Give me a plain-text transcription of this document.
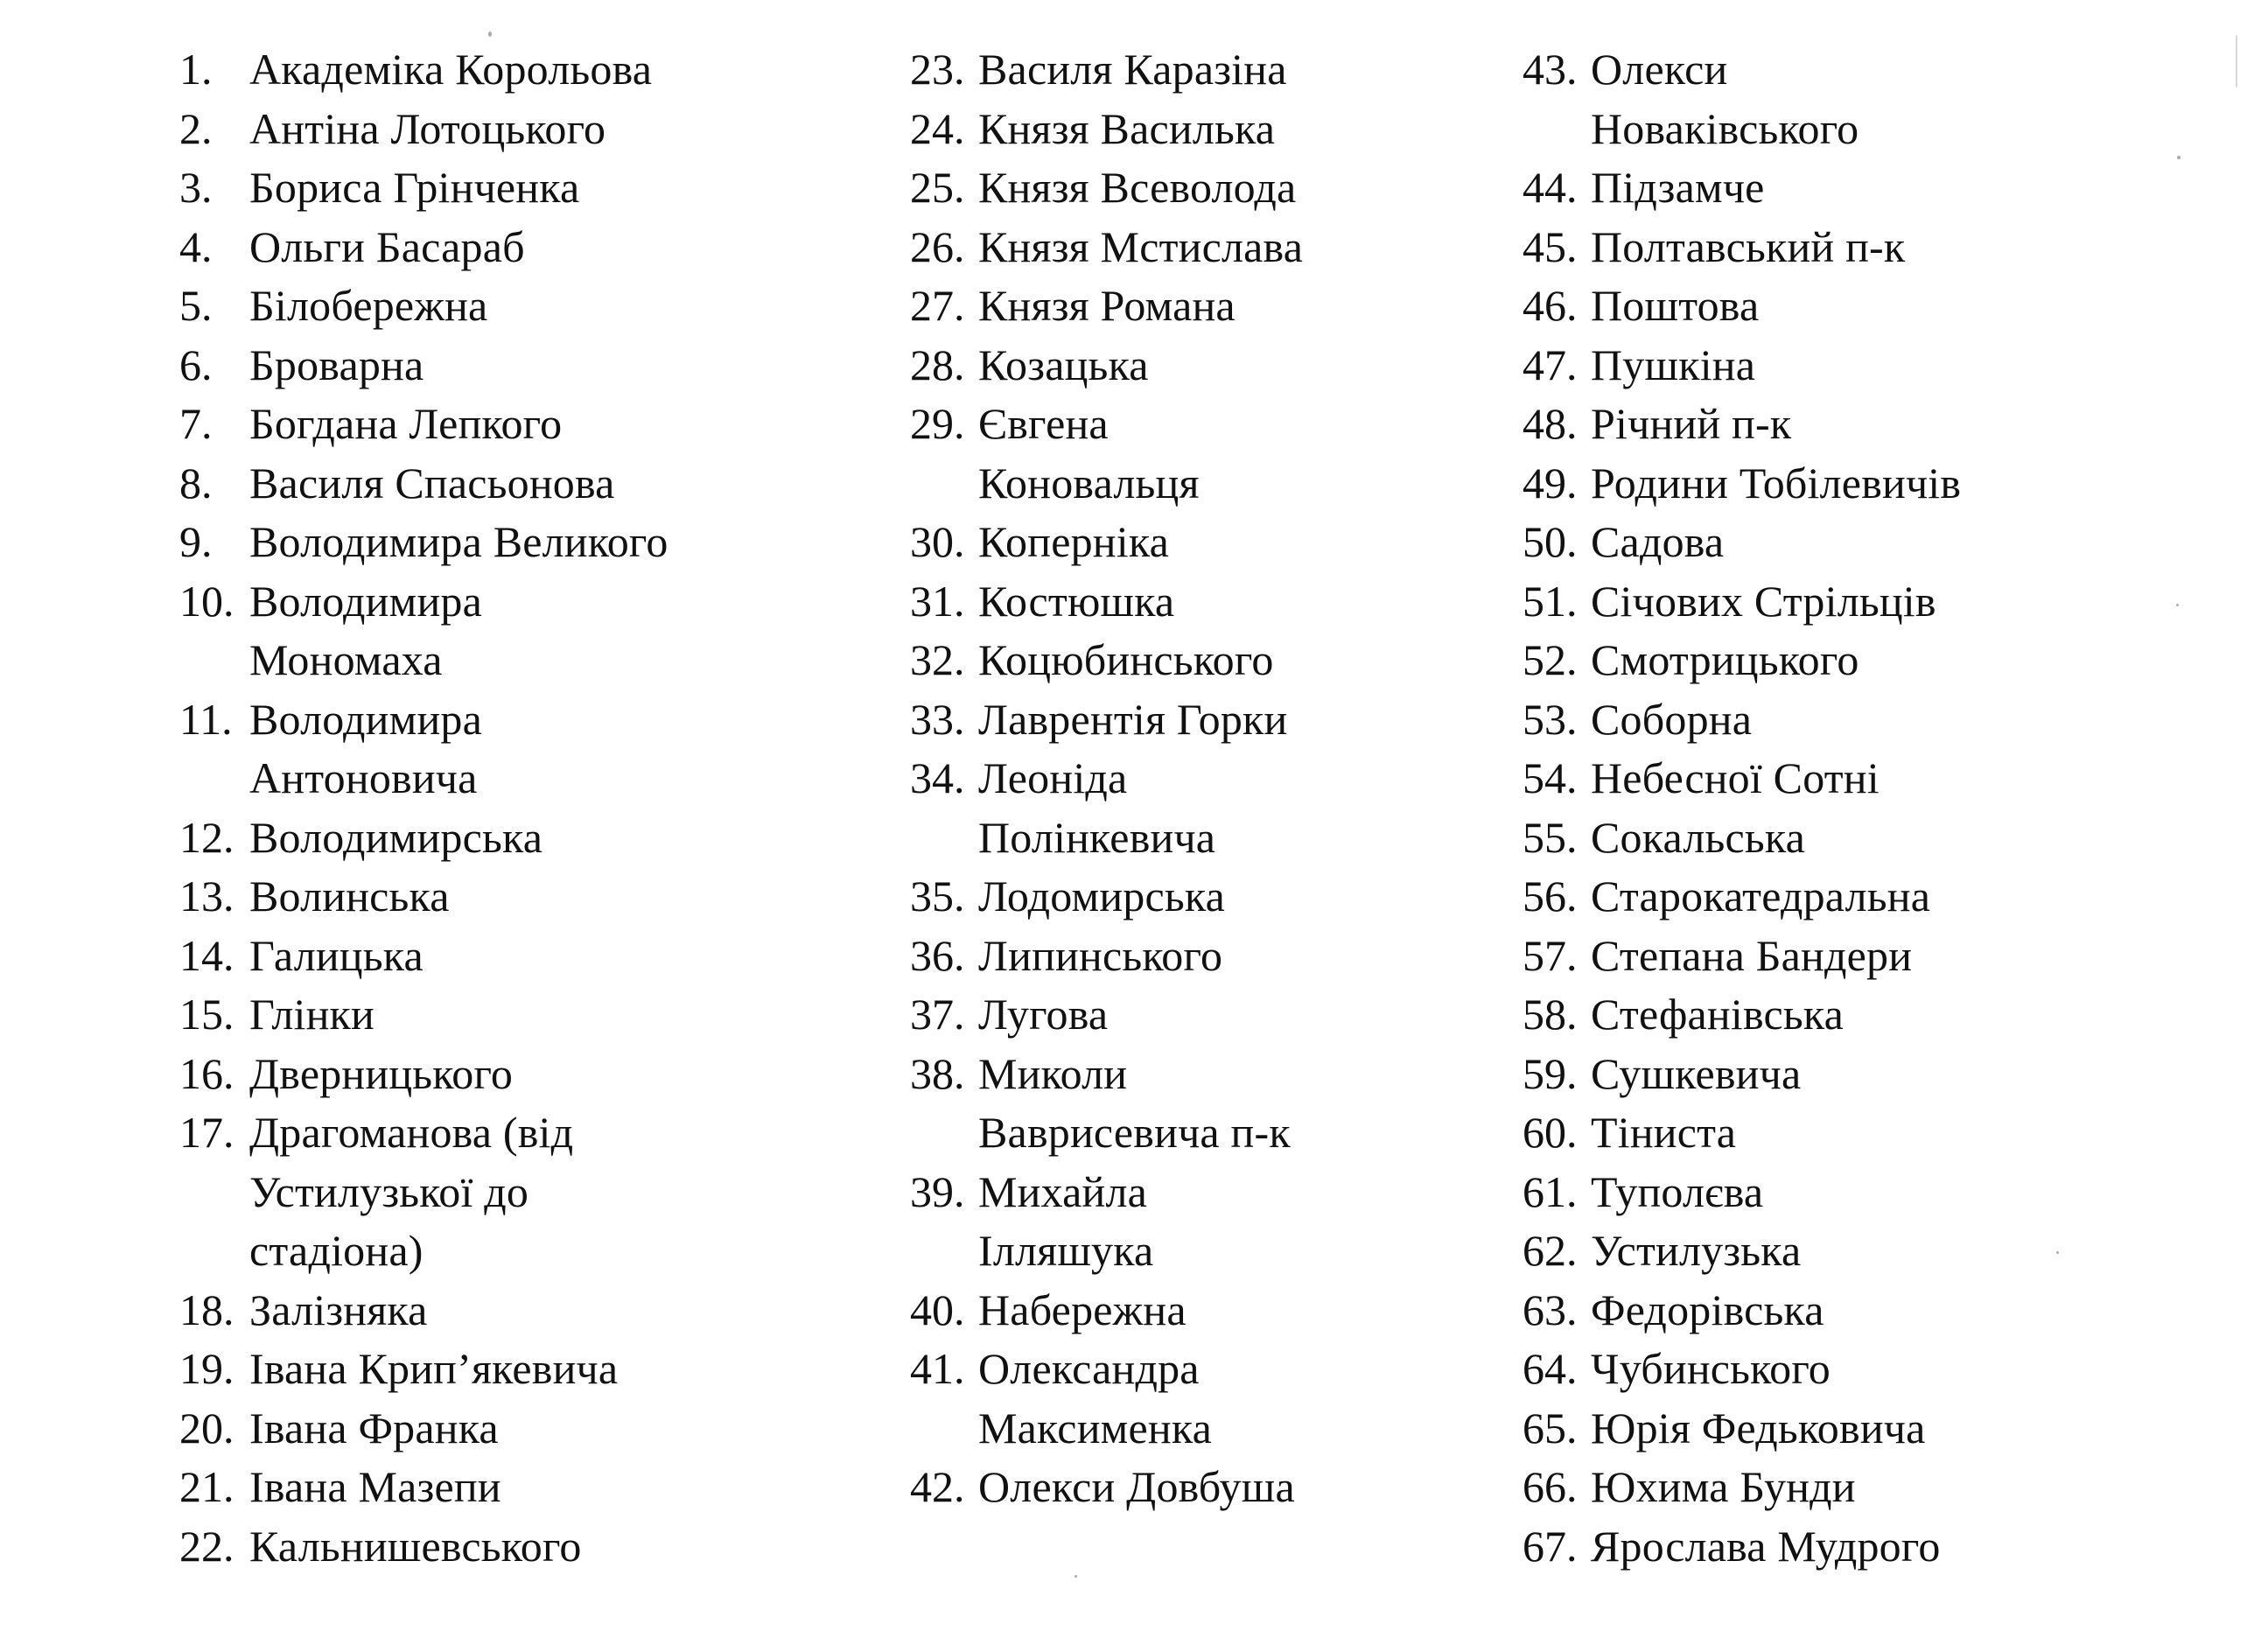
1. Академіка Корольова
2. Антіна Лотоцького
3. Бориса Грінченка
4. Ольги Басараб
5. Білобережна
6. Броварна
7. Богдана Лепкого
8. Василя Спасьонова
9. Володимира Великого
10. Володимира
Мономаха
11. Володимира
Антоновича
12. Володимирська
13. Волинська
14. Галицька
15. Глінки
16. Дверницького
17. Драгоманова (від
Устилузької до
стадіона)
18. Залізняка
19. Івана Крип’якевича
20. Івана Франка
21. Івана Мазепи
22. Кальнишевського
23. Василя Каразіна
24. Князя Василька
25. Князя Всеволода
26. Князя Мстислава
27. Князя Романа
28. Козацька
29. Євгена
Коновальця
30. Коперніка
31. Костюшка
32. Коцюбинського
33. Лаврентія Горки
34. Леоніда
Полінкевича
35. Лодомирська
36. Липинського
37. Лугова
38. Миколи
Ваврисевича п-к
39. Михайла
Ілляшука
40. Набережна
41. Олександра
Максименка
42. Олекси Довбуша
43. Олекси
Новаківського
44. Підзамче
45. Полтавський п-к
46. Поштова
47. Пушкіна
48. Річний п-к
49. Родини Тобілевичів
50. Садова
51. Січових Стрільців
52. Смотрицького
53. Соборна
54. Небесної Сотні
55. Сокальська
56. Старокатедральна
57. Степана Бандери
58. Стефанівська
59. Сушкевича
60. Тіниста
61. Туполєва
62. Устилузька
63. Федорівська
64. Чубинського
65. Юрія Федьковича
66. Юхима Бунди
67. Ярослава Мудрого
